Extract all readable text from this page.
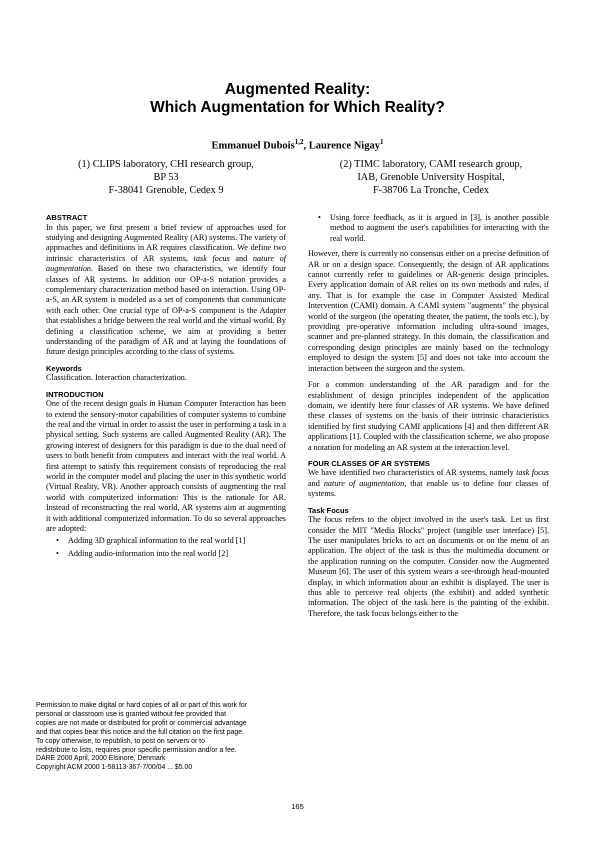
Augmented Reality:
Which Augmentation for Which Reality?
Emmanuel Dubois$^{1,2}$, Laurence Nigay$^1$
(1) CLIPS laboratory, CHI research group,
BP 53
F-38041 Grenoble, Cedex 9
(2) TIMC laboratory, CAMI research group,
IAB, Grenoble University Hospital,
F-38706 La Tronche, Cedex
ABSTRACT

In this paper, we first present a brief review of approaches used for studying and designing Augmented Reality (AR) systems. The variety of approaches and definitions in AR requires classification. We define two intrinsic characteristics of AR systems, task focus and nature of augmentation. Based on these two characteristics, we identify four classes of AR systems. In addition our OP-a-S notation provides a complementary characterization method based on interaction. Using OP-a-S, an AR system is modeled as a set of components that communicate with each other. One crucial type of OP-a-S component is the Adapter that establishes a bridge between the real world and the virtual world. By defining a classification scheme, we aim at providing a better understanding of the paradigm of AR and at laying the foundations of future design principles according to the class of systems.

Keywords

Classification. Interaction characterization.

INTRODUCTION

One of the recent design goals in Human Computer Interaction has been to extend the sensory-motor capabilities of computer systems to combine the real and the virtual in order to assist the user in performing a task in a physical setting. Such systems are called Augmented Reality (AR). The growing interest of designers for this paradigm is due to the dual need of users to both benefit from computers and interact with the real world. A first attempt to satisfy this requirement consists of reproducing the real world in the computer model and placing the user in this synthetic world (Virtual Reality, VR). Another approach consists of augmenting the real world with computerized information: This is the rationale for AR. Instead of reconstructing the real world, AR systems aim at augmenting it with additional computerized information. To do so several approaches are adopted:

•	Adding 3D graphical information to the real world [1]
•	Adding audio-information into the real world [2]
Permission to make digital or hard copies of all or part of this work for
personal or classroom use is granted without fee provided that
copies are not made or distributed for profit or commercial advantage
and that copies bear this notice and the full citation on the first page.
To copy otherwise, to republish, to post on servers or to
redistribute to lists, requires prior specific permission and/or a fee.
DARE 2000 April, 2000 Elsinore, Denmark
Copyright ACM 2000 1-58113-367-7/00/04 ... $5.00
•	Using force feedback, as it is argued in [3], is another possible method to augment the user's capabilities for interacting with the real world.

However, there is currently no consensus either on a precise definition of AR or on a design space. Consequently, the design of AR applications cannot currently refer to guidelines or AR-generic design principles. Every application domain of AR relies on its own methods and rules, if any. That is for example the case in Computer Assisted Medical Intervention (CAMI) domain. A CAMI system "augments" the physical world of the surgeon (the operating theater, the patient, the tools etc.), by providing pre-operative information including ultra-sound images, scanner and pre-planned strategy. In this domain, the classification and corresponding design principles are mainly based on the technology employed to design the system [5] and does not take into account the interaction between the surgeon and the system.

For a common understanding of the AR paradigm and for the establishment of design principles independent of the application domain, we identify here four classes of AR systems. We have defined these classes of systems on the basis of their intrinsic characteristics identified by first studying CAMI applications [4] and then different AR applications [1]. Coupled with the classification scheme, we also propose a notation for modeling an AR system at the interaction level.

FOUR CLASSES OF AR SYSTEMS

We have identified two characteristics of AR systems, namely task focus and nature of augmentation, that enable us to define four classes of systems.

Task Focus

The focus refers to the object involved in the user's task. Let us first consider the MIT "Media Blocks" project (tangible user interface) [5]. The user manipulates bricks to act on documents or on the menu of an application. The object of the task is thus the multimedia document or the application running on the computer. Consider now the Augmented Museum [6]. The user of this system wears a see-through head-mounted display, in which information about an exhibit is displayed. The user is thus able to perceive real objects (the exhibit) and added synthetic information. The object of the task here is the painting of the exhibit. Therefore, the task focus belongs either to the

165
